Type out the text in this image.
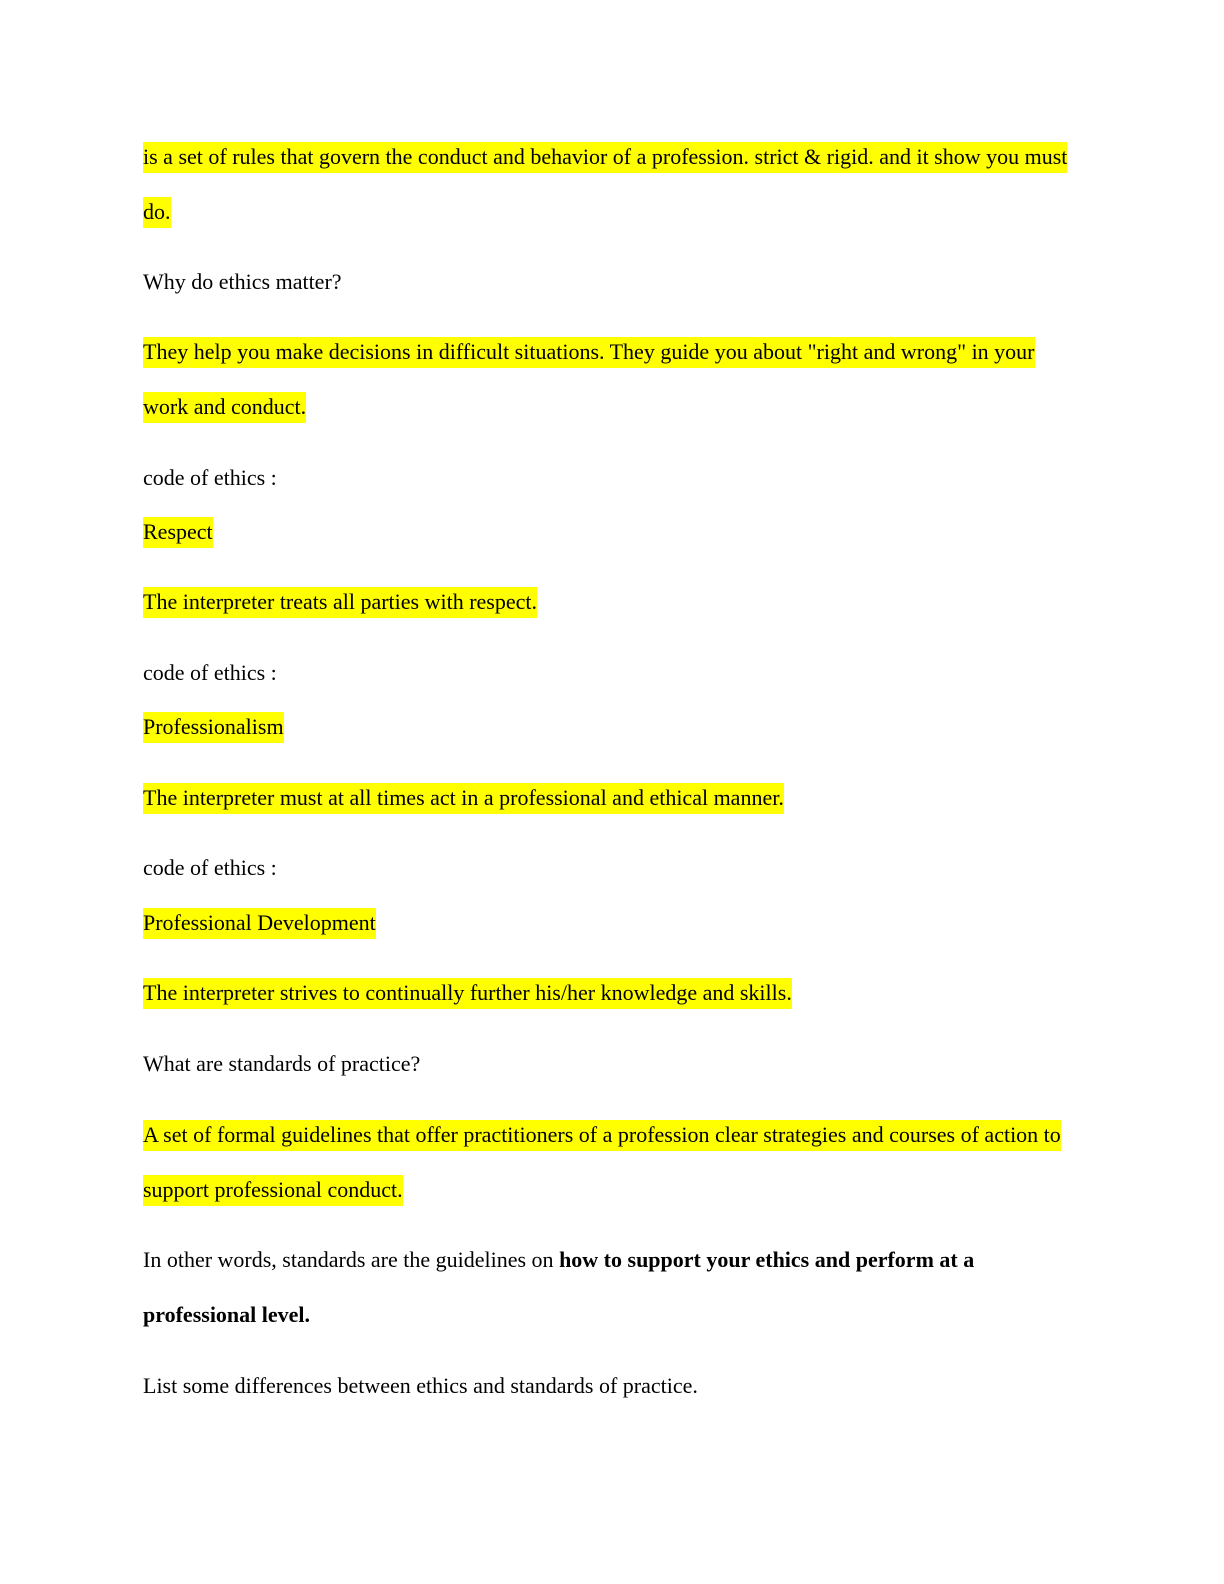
is a set of rules that govern the conduct and behavior of a profession. strict & rigid. and it show you must do.

Why do ethics matter?

They help you make decisions in difficult situations. They guide you about "right and wrong" in your work and conduct.

code of ethics :

Respect

The interpreter treats all parties with respect.

code of ethics :

Professionalism

The interpreter must at all times act in a professional and ethical manner.

code of ethics :

Professional Development

The interpreter strives to continually further his/her knowledge and skills.

What are standards of practice?

A set of formal guidelines that offer practitioners of a profession clear strategies and courses of action to support professional conduct.

In other words, standards are the guidelines on how to support your ethics and perform at a professional level.

List some differences between ethics and standards of practice.
